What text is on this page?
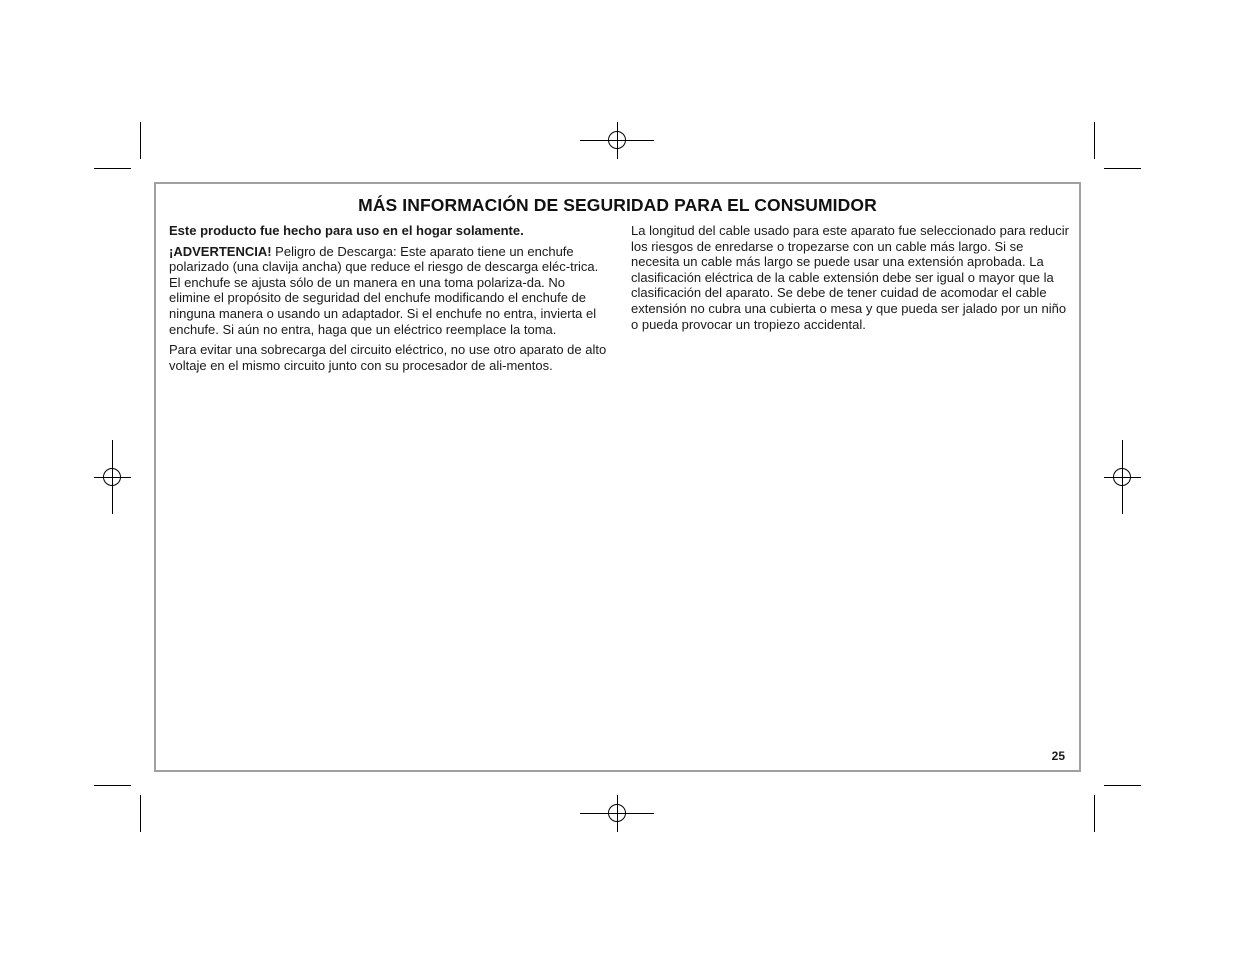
MÁS INFORMACIÓN DE SEGURIDAD PARA EL CONSUMIDOR

Este producto fue hecho para uso en el hogar solamente.

¡ADVERTENCIA! Peligro de Descarga: Este aparato tiene un enchufe polarizado (una clavija ancha) que reduce el riesgo de descarga eléc-trica. El enchufe se ajusta sólo de un manera en una toma polariza-da. No elimine el propósito de seguridad del enchufe modificando el enchufe de ninguna manera o usando un adaptador. Si el enchufe no entra, invierta el enchufe. Si aún no entra, haga que un eléctrico reemplace la toma.

Para evitar una sobrecarga del circuito eléctrico, no use otro aparato de alto voltaje en el mismo circuito junto con su procesador de ali-mentos.

La longitud del cable usado para este aparato fue seleccionado para reducir los riesgos de enredarse o tropezarse con un cable más largo. Si se necesita un cable más largo se puede usar una extensión aprobada. La clasificación eléctrica de la cable extensión debe ser igual o mayor que la clasificación del aparato. Se debe de tener cuidad de acomodar el cable extensión no cubra una cubierta o mesa y que pueda ser jalado por un niño o pueda provocar un tropiezo accidental.

25
